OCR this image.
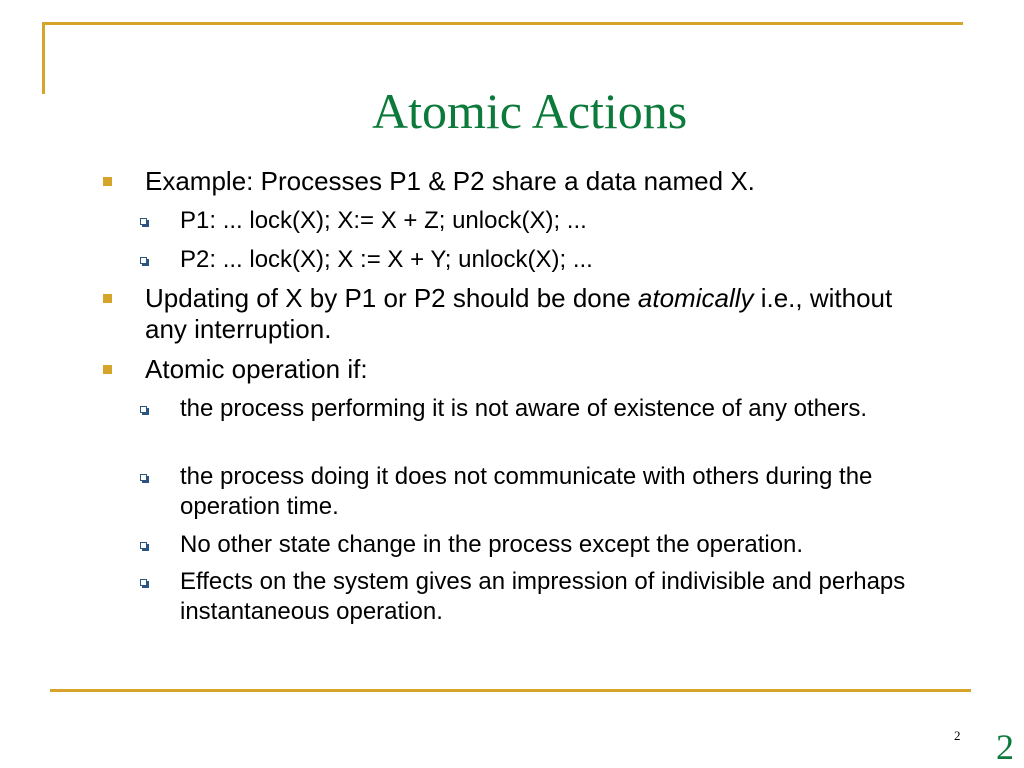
Atomic Actions
Example: Processes P1 & P2 share a data named X.
P1: ... lock(X); X:= X + Z; unlock(X); ...
P2: ... lock(X); X := X + Y; unlock(X); ...
Updating of X by P1 or P2 should be done atomically i.e., without any interruption.
Atomic operation if:
the process performing it is not aware of existence of any others.
the process doing it does not communicate with others during the operation time.
No other state change in the process except the operation.
Effects on the system gives an impression of indivisible and perhaps instantaneous operation.
2 2
